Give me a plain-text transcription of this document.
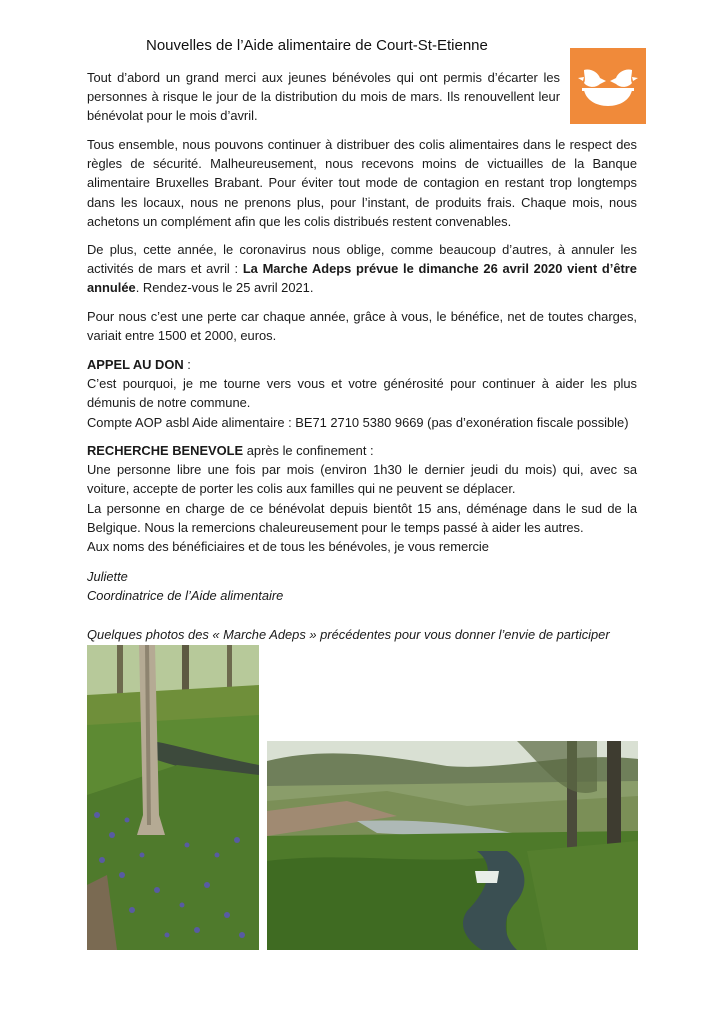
Nouvelles de l’Aide alimentaire de Court-St-Etienne
Tout d’abord un grand merci aux jeunes bénévoles qui ont permis d’écarter les personnes à risque le jour de la distribution du mois de mars. Ils renouvellent leur bénévolat pour le mois d’avril.
Tous ensemble, nous pouvons continuer à distribuer des colis alimentaires dans le respect des règles de sécurité. Malheureusement, nous recevons moins de victuailles de la Banque alimentaire Bruxelles Brabant. Pour éviter tout mode de contagion en restant trop longtemps dans les locaux, nous ne prenons plus, pour l’instant, de produits frais. Chaque mois, nous achetons un complément afin que les colis distribués restent convenables.
De plus, cette année, le coronavirus nous oblige, comme beaucoup d’autres, à annuler les activités de mars et avril : La Marche Adeps prévue le dimanche 26 avril 2020 vient d’être annulée. Rendez-vous le 25 avril 2021.
Pour nous c’est une perte car chaque année, grâce à vous, le bénéfice, net de toutes charges, variait entre 1500 et 2000, euros.
APPEL AU DON :
C’est pourquoi, je me tourne vers vous et votre générosité pour continuer à aider les plus démunis de notre commune.
Compte AOP asbl Aide alimentaire : BE71 2710 5380 9669 (pas d’exonération fiscale possible)
RECHERCHE BENEVOLE après le confinement :
Une personne libre une fois par mois (environ 1h30 le dernier jeudi du mois) qui, avec sa voiture, accepte de porter les colis aux familles qui ne peuvent se déplacer.
La personne en charge de ce bénévolat depuis bientôt 15 ans, déménage dans le sud de la Belgique. Nous la remercions chaleureusement pour le temps passé à aider les autres.
Aux noms des bénéficiaires et de tous les bénévoles, je vous remercie
Juliette
Coordinatrice de l’Aide alimentaire
Quelques photos des « Marche Adeps » précédentes pour vous donner l’envie de participer
